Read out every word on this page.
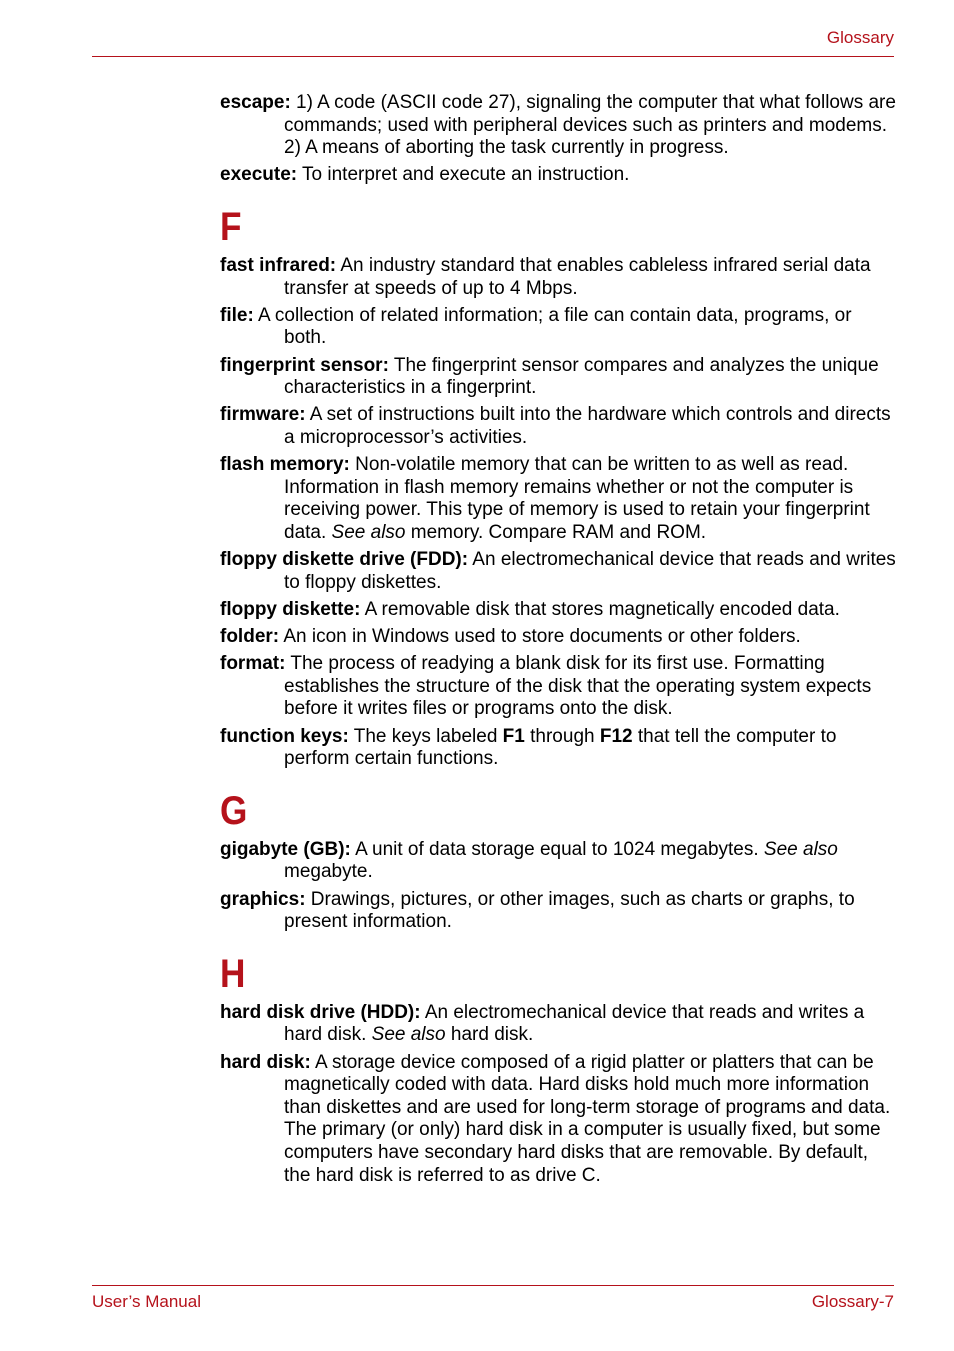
Glossary
escape: 1) A code (ASCII code 27), signaling the computer that what follows are commands; used with peripheral devices such as printers and modems.
2) A means of aborting the task currently in progress.
execute: To interpret and execute an instruction.
F
fast infrared: An industry standard that enables cableless infrared serial data transfer at speeds of up to 4 Mbps.
file: A collection of related information; a file can contain data, programs, or both.
fingerprint sensor: The fingerprint sensor compares and analyzes the unique characteristics in a fingerprint.
firmware: A set of instructions built into the hardware which controls and directs a microprocessor’s activities.
flash memory: Non-volatile memory that can be written to as well as read. Information in flash memory remains whether or not the computer is receiving power. This type of memory is used to retain your fingerprint data. See also memory. Compare RAM and ROM.
floppy diskette drive (FDD): An electromechanical device that reads and writes to floppy diskettes.
floppy diskette: A removable disk that stores magnetically encoded data.
folder: An icon in Windows used to store documents or other folders.
format: The process of readying a blank disk for its first use. Formatting establishes the structure of the disk that the operating system expects before it writes files or programs onto the disk.
function keys: The keys labeled F1 through F12 that tell the computer to perform certain functions.
G
gigabyte (GB): A unit of data storage equal to 1024 megabytes. See also megabyte.
graphics: Drawings, pictures, or other images, such as charts or graphs, to present information.
H
hard disk drive (HDD): An electromechanical device that reads and writes a hard disk. See also hard disk.
hard disk: A storage device composed of a rigid platter or platters that can be magnetically coded with data. Hard disks hold much more information than diskettes and are used for long-term storage of programs and data. The primary (or only) hard disk in a computer is usually fixed, but some computers have secondary hard disks that are removable. By default, the hard disk is referred to as drive C.
User’s Manual	Glossary-7
